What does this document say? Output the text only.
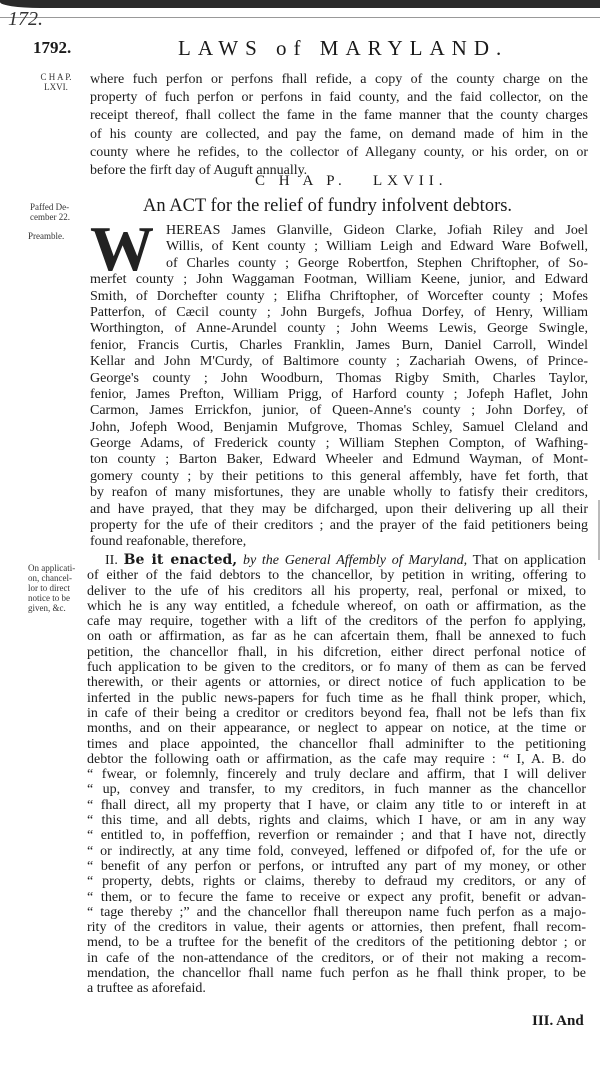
172.
1792.	LAWS of MARYLAND.
C H A P.
LXVI.	where fuch perfon or perfons fhall refide, a copy of the county charge on the
property of fuch perfon or perfons in faid county, and the faid collector, on the
receipt thereof, fhall collect the fame in the fame manner that the county charges
of his county are collected, and pay the fame, on demand made of him in the
county where he refides, to the collector of Allegany county, or his order, on or
before the firft day of Auguft annually.
C H A P.   LXVII.
An ACT for the relief of fundry infolvent debtors.
Paffed De-
cember 22.
Preamble. W HEREAS James Glanville, Gideon Clarke, Jofiah Riley and Joel
Willis, of Kent county ; William Leigh and Edward Ware Bofwell,
of Charles county ; George Robertfon, Stephen Chriftopher, of So-
merfet county ; John Waggaman Footman, William Keene, junior, and Edward
Smith, of Dorchefter county ; Elifha Chriftopher, of Worcefter county ; Mofes
Patterfon, of Cæcil county ; John Burgefs, Jofhua Dorfey, of Henry, William
Worthington, of Anne-Arundel county ; John Weems Lewis, George Swingle,
fenior, Francis Curtis, Charles Franklin, James Burn, Daniel Carroll, Windel
Kellar and John M'Curdy, of Baltimore county ; Zachariah Owens, of Prince-
George's county ; John Woodburn, Thomas Rigby Smith, Charles Taylor,
fenior, James Prefton, William Prigg, of Harford county ; Jofeph Haflet, John
Carmon, James Errickfon, junior, of Queen-Anne's county ; John Dorfey, of
John, Jofeph Wood, Benjamin Mufgrove, Thomas Schley, Samuel Cleland and
George Adams, of Frederick county ; William Stephen Compton, of Wafhing-
ton county ; Barton Baker, Edward Wheeler and Edmund Wayman, of Mont-
gomery county ; by their petitions to this general affembly, have fet forth, that
by reafon of many misfortunes, they are unable wholly to fatisfy their creditors,
and have prayed, that they may be difcharged, upon their delivering up all their
property for the ufe of their creditors ; and the prayer of the faid petitioners being
found reafonable, therefore,
On applicati-
on, chancel-
lor to direct
notice to be
given, &c.
II. Be it enacted, by the General Affembly of Maryland, That on application
of either of the faid debtors to the chancellor, by petition in writing, offering to
deliver to the ufe of his creditors all his property, real, perfonal or mixed, to
which he is any way entitled, a fchedule whereof, on oath or affirmation, as the
cafe may require, together with a lift of the creditors of the perfon fo applying,
on oath or affirmation, as far as he can afcertain them, fhall be annexed to fuch
petition, the chancellor fhall, in his difcretion, either direct perfonal notice of
fuch application to be given to the creditors, or fo many of them as can be ferved
therewith, or their agents or attornies, or direct notice of fuch application to be
inferted in the public news-papers for fuch time as he fhall think proper, which,
in cafe of their being a creditor or creditors beyond fea, fhall not be lefs than fix
months, and on their appearance, or neglect to appear on notice, at the time or
times and place appointed, the chancellor fhall adminifter to the petitioning
debtor the following oath or affirmation, as the cafe may require : “ I, A. B. do
“ fwear, or folemnly, fincerely and truly declare and affirm, that I will deliver
“ up, convey and transfer, to my creditors, in fuch manner as the chancellor
“ fhall direct, all my property that I have, or claim any title to or intereft in at
“ this time, and all debts, rights and claims, which I have, or am in any way
“ entitled to, in poffeffion, reverfion or remainder ; and that I have not, directly
“ or indirectly, at any time fold, conveyed, leffened or difpofed of, for the ufe or
“ benefit of any perfon or perfons, or intrufted any part of my money, or other
“ property, debts, rights or claims, thereby to defraud my creditors, or any of
“ them, or to fecure the fame to receive or expect any profit, benefit or advan-
“ tage thereby ;” and the chancellor fhall thereupon name fuch perfon as a majo-
rity of the creditors in value, their agents or attornies, then prefent, fhall recom-
mend, to be a truftee for the benefit of the creditors of the petitioning debtor ; or
in cafe of the non-attendance of the creditors, or of their not making a recom-
mendation, the chancellor fhall name fuch perfon as he fhall think proper, to be
a truftee as aforefaid.
III. And
